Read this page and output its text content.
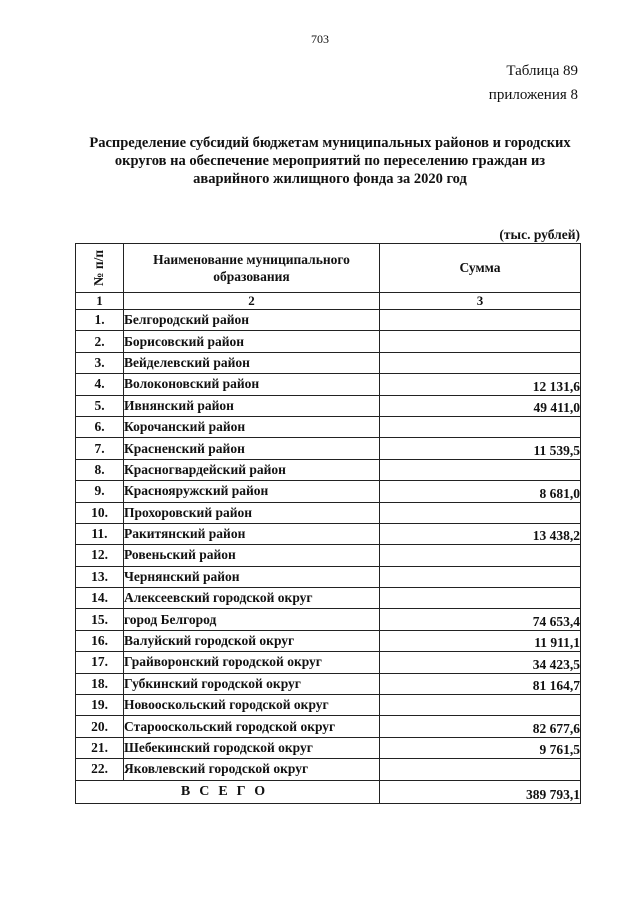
703
Таблица 89
приложения 8
Распределение субсидий бюджетам муниципальных районов и городских округов на обеспечение мероприятий по переселению граждан из аварийного жилищного фонда за 2020 год
(тыс. рублей)
№ п/п	Наименование муниципального образования	Сумма
1	2	3
1.	Белгородский район	
2.	Борисовский район	
3.	Вейделевский район	
4.	Волоконовский район	12 131,6
5.	Ивнянский район	49 411,0
6.	Корочанский район	
7.	Красненский район	11 539,5
8.	Красногвардейский район	
9.	Краснояружский район	8 681,0
10.	Прохоровский район	
11.	Ракитянский район	13 438,2
12.	Ровеньский район	
13.	Чернянский район	
14.	Алексеевский городской округ	
15.	город Белгород	74 653,4
16.	Валуйский городской округ	11 911,1
17.	Грайворонский городской округ	34 423,5
18.	Губкинский городской округ	81 164,7
19.	Новооскольский городской округ	
20.	Старооскольский городской округ	82 677,6
21.	Шебекинский городской округ	9 761,5
22.	Яковлевский городской округ	
ВСЕГО		389 793,1
